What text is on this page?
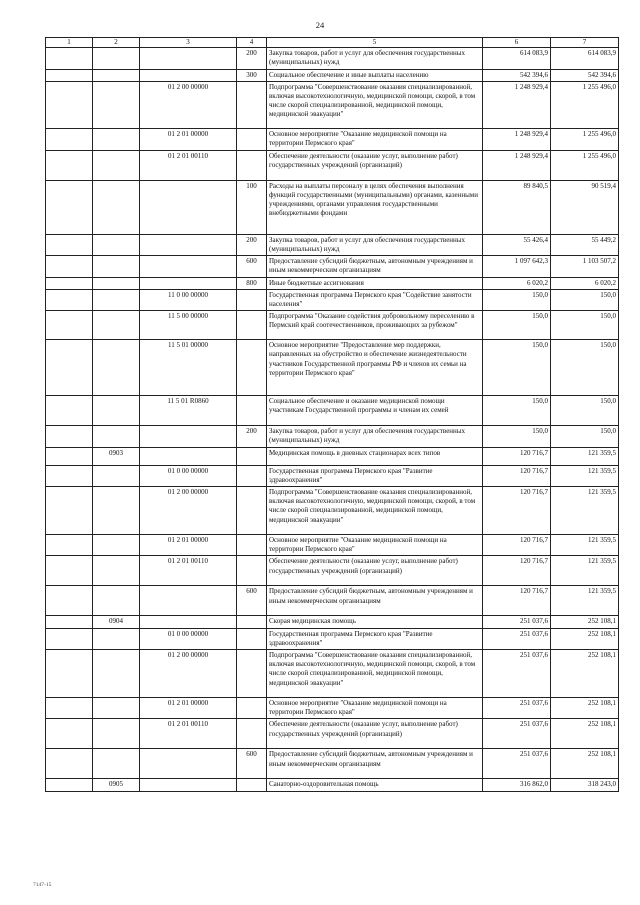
24
1	2	3	4	5	6	7
			200	Закупка товаров, работ и услуг для обеспечения государственных (муниципальных) нужд	614 083,9	614 083,9
			300	Социальное обеспечение и иные выплаты населению	542 394,6	542 394,6
		01 2 00 00000		Подпрограмма "Совершенствование оказания специализированной, включая высокотехнологичную, медицинской помощи, скорой, в том числе скорой специализированной, медицинской помощи, медицинской эвакуации"	1 248 929,4	1 255 496,0
		01 2 01 00000		Основное мероприятие "Оказание медицинской помощи на территории Пермского края"	1 248 929,4	1 255 496,0
		01 2 01 00110		Обеспечение деятельности (оказание услуг, выполнение работ) государственных учреждений (организаций)	1 248 929,4	1 255 496,0
			100	Расходы на выплаты персоналу в целях обеспечения выполнения функций государственными (муниципальными) органами, казенными учреждениями, органами управления государственными внебюджетными фондами	89 840,5	90 519,4
			200	Закупка товаров, работ и услуг для обеспечения государственных (муниципальных) нужд	55 426,4	55 449,2
			600	Предоставление субсидий бюджетным, автономным учреждениям и иным некоммерческим организациям	1 097 642,3	1 103 507,2
			800	Иные бюджетные ассигнования	6 020,2	6 020,2
		11 0 00 00000		Государственная программа Пермского края "Содействие занятости населения"	150,0	150,0
		11 5 00 00000		Подпрограмма "Оказание содействия добровольному переселению в Пермский край соотечественников, проживающих за рубежом"	150,0	150,0
		11 5 01 00000		Основное мероприятие "Предоставление мер поддержки, направленных на обустройство и обеспечение жизнедеятельности участников Государственной программы РФ и членов их семьи на территории Пермского края"	150,0	150,0
		11 5 01 R0860		Социальное обеспечение и оказание медицинской помощи участникам Государственной программы и членам их семей	150,0	150,0
			200	Закупка товаров, работ и услуг для обеспечения государственных (муниципальных) нужд	150,0	150,0
	0903			Медицинская помощь в дневных стационарах всех типов	120 716,7	121 359,5
		01 0 00 00000		Государственная программа Пермского края "Развитие здравоохранения"	120 716,7	121 359,5
		01 2 00 00000		Подпрограмма "Совершенствование оказания специализированной, включая высокотехнологичную, медицинской помощи, скорой, в том числе скорой специализированной, медицинской помощи, медицинской эвакуации"	120 716,7	121 359,5
		01 2 01 00000		Основное мероприятие "Оказание медицинской помощи на территории Пермского края"	120 716,7	121 359,5
		01 2 01 00110		Обеспечение деятельности (оказание услуг, выполнение работ) государственных учреждений (организаций)	120 716,7	121 359,5
			600	Предоставление субсидий бюджетным, автономным учреждениям и иным некоммерческим организациям	120 716,7	121 359,5
	0904			Скорая медицинская помощь	251 037,6	252 108,1
		01 0 00 00000		Государственная программа Пермского края "Развитие здравоохранения"	251 037,6	252 108,1
		01 2 00 00000		Подпрограмма "Совершенствование оказания специализированной, включая высокотехнологичную, медицинской помощи, скорой, в том числе скорой специализированной, медицинской помощи, медицинской эвакуации"	251 037,6	252 108,1
		01 2 01 00000		Основное мероприятие "Оказание медицинской помощи на территории Пермского края"	251 037,6	252 108,1
		01 2 01 00110		Обеспечение деятельности (оказание услуг, выполнение работ) государственных учреждений (организаций)	251 037,6	252 108,1
			600	Предоставление субсидий бюджетным, автономным учреждениям и иным некоммерческим организациям	251 037,6	252 108,1
	0905			Санаторно-оздоровительная помощь	316 862,0	318 243,0
7147-15
